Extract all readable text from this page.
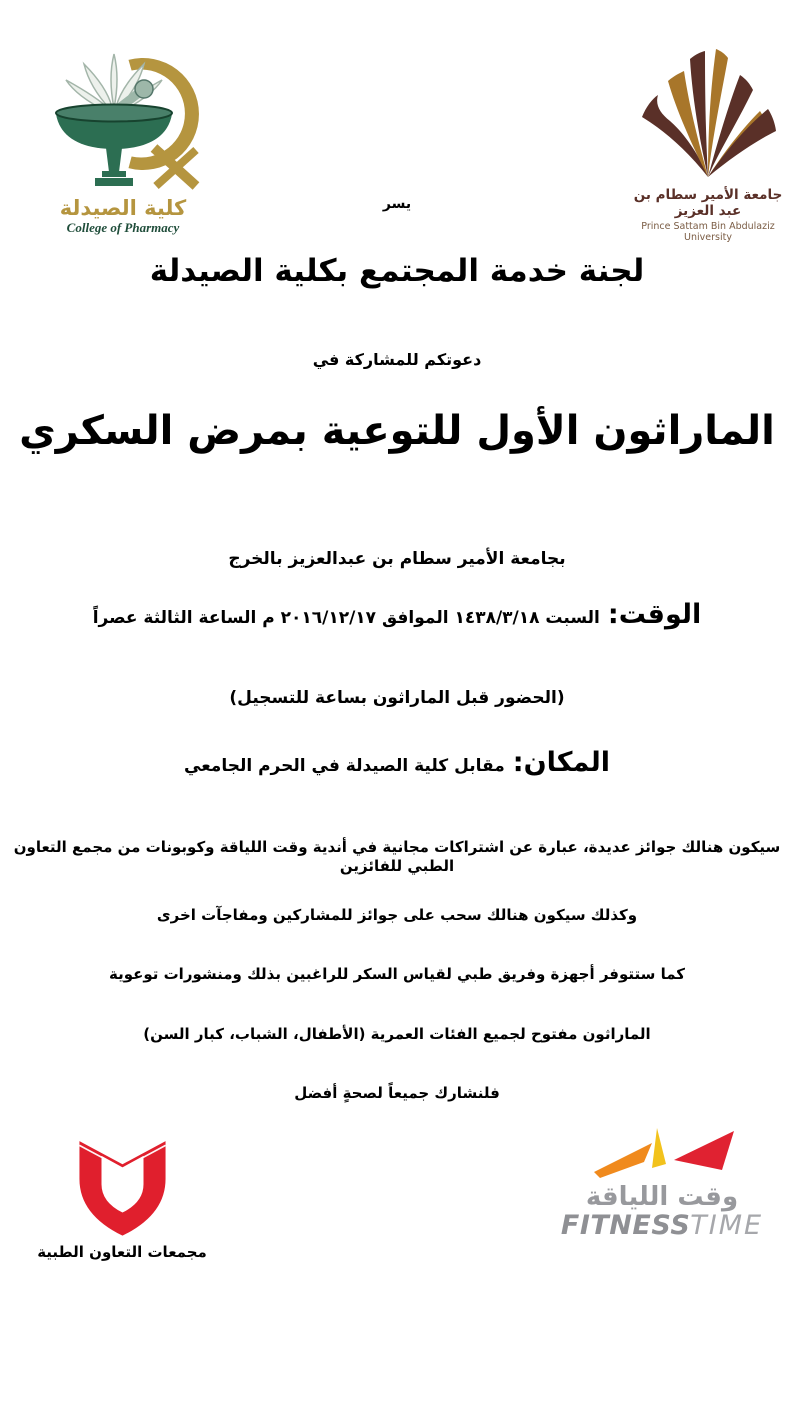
كلية الصيدلة
College of Pharmacy
جامعة الأمير سطام بن عبد العزيز
Prince Sattam Bin Abdulaziz University
يسر
لجنة خدمة المجتمع بكلية الصيدلة
دعوتكم للمشاركة في
الماراثون الأول للتوعية بمرض السكري
بجامعة الأمير سطام بن عبدالعزيز بالخرج
الوقت:
السبت ١٤٣٨/٣/١٨ الموافق ٢٠١٦/١٢/١٧ م الساعة الثالثة عصراً
(الحضور قبل الماراثون بساعة للتسجيل)
المكان:
مقابل كلية الصيدلة في الحرم الجامعي
سيكون هنالك جوائز عديدة، عبارة عن اشتراكات مجانية في أندية وقت اللياقة وكوبونات من مجمع التعاون الطبي للفائزين
وكذلك سيكون هنالك سحب على جوائز للمشاركين ومفاجآت اخرى
كما ستتوفر أجهزة وفريق طبي لقياس السكر للراغبين بذلك ومنشورات توعوية
الماراثون مفتوح لجميع الفئات العمرية (الأطفال، الشباب، كبار السن)
فلنشارك جميعاً لصحةٍ أفضل
مجمعات التعاون الطبية
وقت اللياقة
FITNESSTIME
